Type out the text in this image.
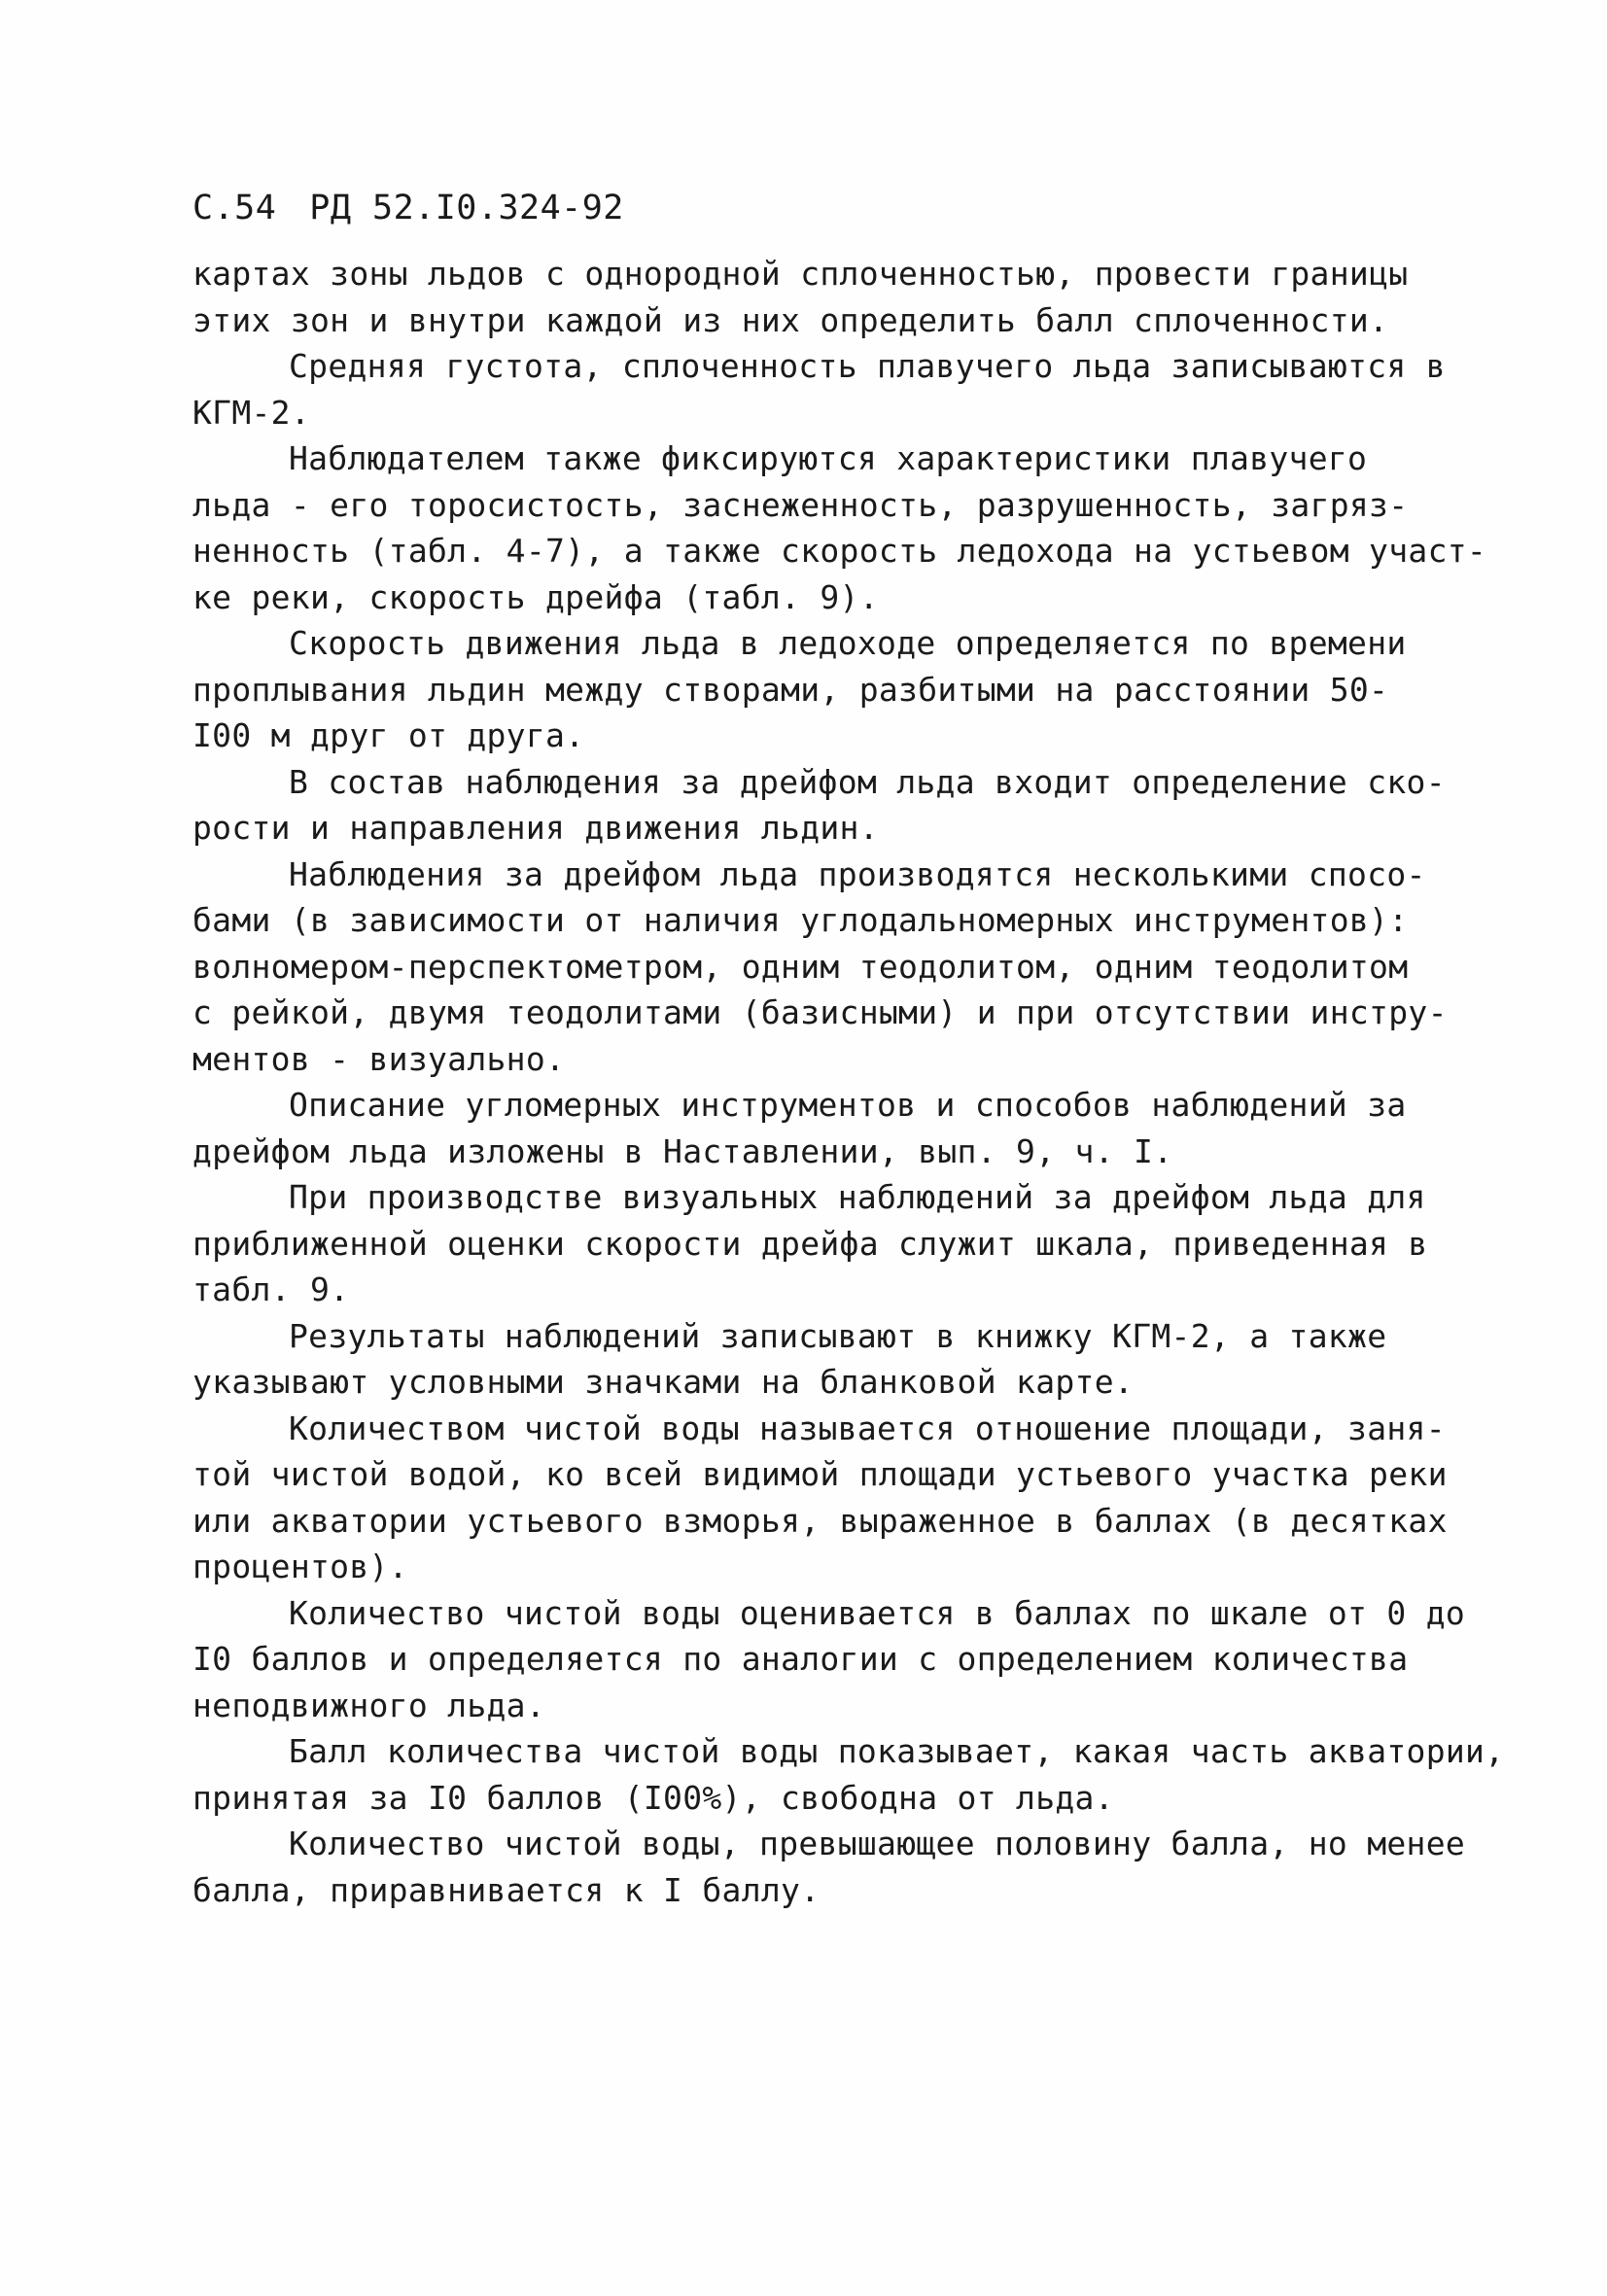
С.54 РД 52.I0.324-92
картах зоны льдов с однородной сплоченностью, провести границы
этих зон и внутри каждой из них определить балл сплоченности.
Средняя густота, сплоченность плавучего льда записываются в
КГМ-2.
Наблюдателем также фиксируются характеристики плавучего
льда - его торосистость, заснеженность, разрушенность, загряз-
ненность (табл. 4-7), а также скорость ледохода на устьевом участ-
ке реки, скорость дрейфа (табл. 9).
Скорость движения льда в ледоходе определяется по времени
проплывания льдин между створами, разбитыми на расстоянии 50-
I00 м друг от друга.
В состав наблюдения за дрейфом льда входит определение ско-
рости и направления движения льдин.
Наблюдения за дрейфом льда производятся несколькими спосо-
бами (в зависимости от наличия углодальномерных инструментов):
волномером-перспектометром, одним теодолитом, одним теодолитом
с рейкой, двумя теодолитами (базисными) и при отсутствии инстру-
ментов - визуально.
Описание угломерных инструментов и способов наблюдений за
дрейфом льда изложены в Наставлении, вып. 9, ч. I.
При производстве визуальных наблюдений за дрейфом льда для
приближенной оценки скорости дрейфа служит шкала, приведенная в
табл. 9.
Результаты наблюдений записывают в книжку КГМ-2, а также
указывают условными значками на бланковой карте.
Количеством чистой воды называется отношение площади, заня-
той чистой водой, ко всей видимой площади устьевого участка реки
или акватории устьевого взморья, выраженное в баллах (в десятках
процентов).
Количество чистой воды оценивается в баллах по шкале от 0 до
I0 баллов и определяется по аналогии с определением количества
неподвижного льда.
Балл количества чистой воды показывает, какая часть акватории,
принятая за I0 баллов (I00%), свободна от льда.
Количество чистой воды, превышающее половину балла, но менее
балла, приравнивается к I баллу.
